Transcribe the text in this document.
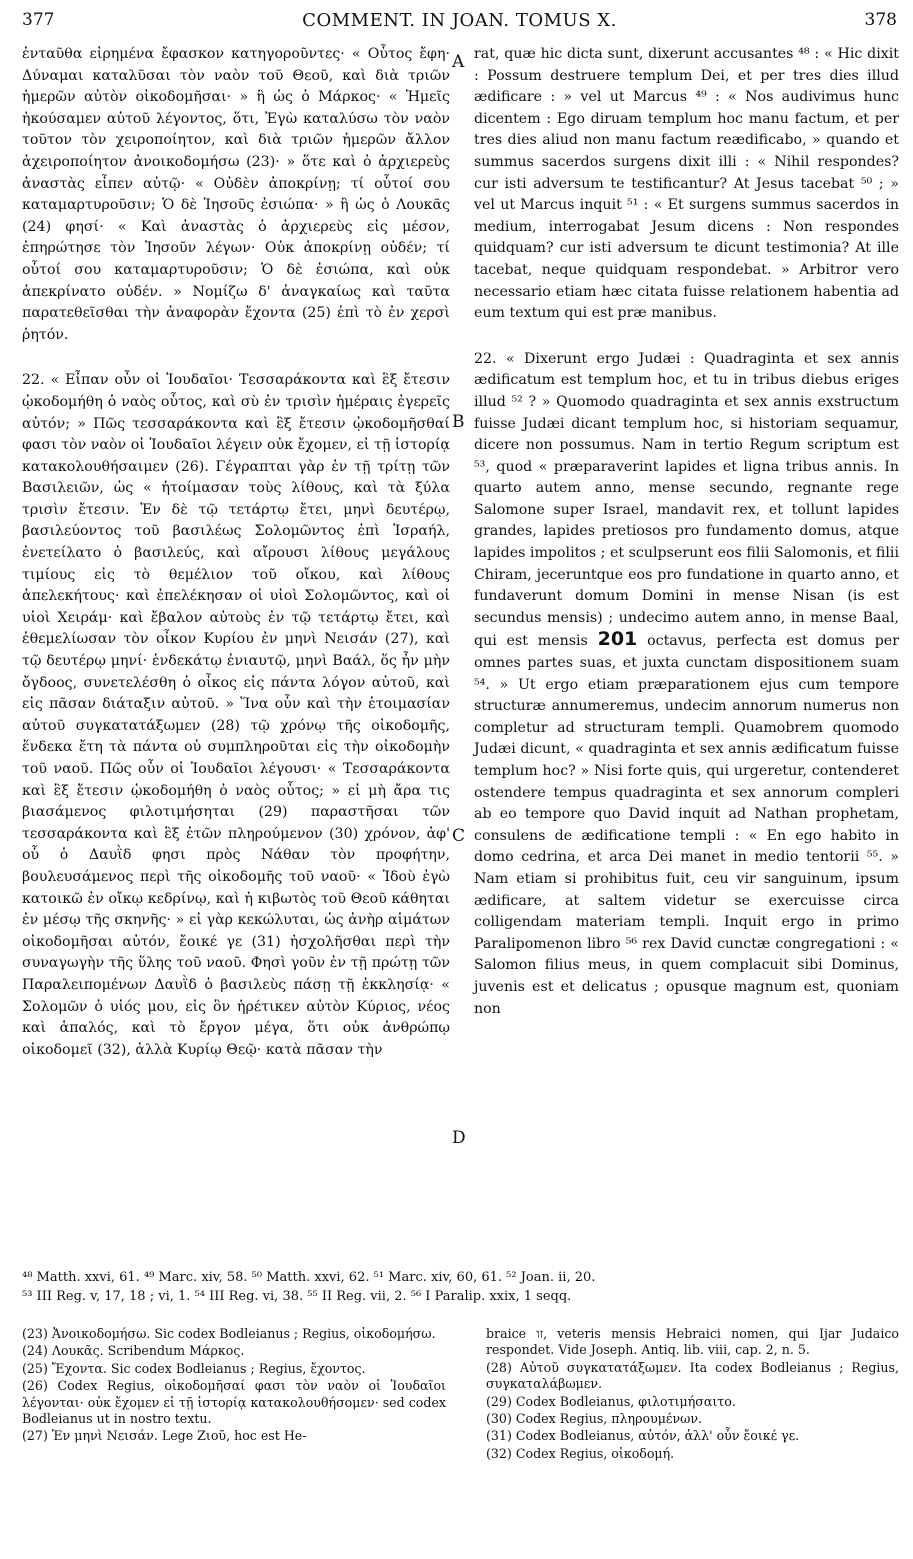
377	COMMENT. IN JOAN. TOMUS X.	378

ἐνταῦθα εἰρημένα ἔφασκον κατηγοροῦντες· « Οὗτος ἔφη· Δύναμαι καταλῦσαι τὸν ναὸν τοῦ Θεοῦ, καὶ διὰ τριῶν ἡμερῶν αὐτὸν οἰκοδομῆσαι· » ἢ ὡς ὁ Μάρκος· « Ἡμεῖς ἠκούσαμεν αὐτοῦ λέγοντος, ὅτι, Ἐγὼ καταλύσω τὸν ναὸν τοῦτον τὸν χειροποίητον, καὶ διὰ τριῶν ἡμερῶν ἄλλον ἀχειροποίητον ἀνοικοδομήσω (23)· » ὅτε καὶ ὁ ἀρχιερεὺς ἀναστὰς εἶπεν αὐτῷ· « Οὐδὲν ἀποκρίνῃ; τί οὗτοί σου καταμαρτυροῦσιν; Ὁ δὲ Ἰησοῦς ἐσιώπα· » ἢ ὡς ὁ Λουκᾶς (24) φησί· « Καὶ ἀναστὰς ὁ ἀρχιερεὺς εἰς μέσον, ἐπηρώτησε τὸν Ἰησοῦν λέγων· Οὐκ ἀποκρίνῃ οὐδέν; τί οὗτοί σου καταμαρτυροῦσιν; Ὁ δὲ ἐσιώπα, καὶ οὐκ ἀπεκρίνατο οὐδέν. » Νομίζω δ' ἀναγκαίως καὶ ταῦτα παρατεθεῖσθαι τὴν ἀναφορὰν ἔχοντα (25) ἐπὶ τὸ ἐν χερσὶ ῥητόν.

22. « Εἶπαν οὖν οἱ Ἰουδαῖοι· Τεσσαράκοντα καὶ ἓξ ἔτεσιν ᾠκοδομήθη ὁ ναὸς οὗτος, καὶ σὺ ἐν τρισὶν ἡμέραις ἐγερεῖς αὐτόν; » Πῶς τεσσαράκοντα καὶ ἓξ ἔτεσιν ᾠκοδομῆσθαί φασι τὸν ναὸν οἱ Ἰουδαῖοι λέγειν οὐκ ἔχομεν, εἰ τῇ ἱστορίᾳ κατακολουθήσαιμεν (26). Γέγραπται γὰρ ἐν τῇ τρίτῃ τῶν Βασιλειῶν, ὡς « ἡτοίμασαν τοὺς λίθους, καὶ τὰ ξύλα τρισὶν ἔτεσιν. Ἐν δὲ τῷ τετάρτῳ ἔτει, μηνὶ δευτέρῳ, βασιλεύοντος τοῦ βασιλέως Σολομῶντος ἐπὶ Ἰσραήλ, ἐνετείλατο ὁ βασιλεύς, καὶ αἴρουσι λίθους μεγάλους τιμίους εἰς τὸ θεμέλιον τοῦ οἴκου, καὶ λίθους ἀπελεκήτους· καὶ ἐπελέκησαν οἱ υἱοὶ Σολομῶντος, καὶ οἱ υἱοὶ Χειράμ· καὶ ἔβαλον αὐτοὺς ἐν τῷ τετάρτῳ ἔτει, καὶ ἐθεμελίωσαν τὸν οἶκον Κυρίου ἐν μηνὶ Νεισάν (27), καὶ τῷ δευτέρῳ μηνί· ἑνδεκάτῳ ἐνιαυτῷ, μηνὶ Βαάλ, ὅς ἦν μὴν ὄγδοος, συνετελέσθη ὁ οἶκος εἰς πάντα λόγον αὐτοῦ, καὶ εἰς πᾶσαν διάταξιν αὐτοῦ. » Ἵνα οὖν καὶ τὴν ἑτοιμασίαν αὐτοῦ συγκατατάξωμεν (28) τῷ χρόνῳ τῆς οἰκοδομῆς, ἕνδεκα ἔτη τὰ πάντα οὐ συμπληροῦται εἰς τὴν οἰκοδομὴν τοῦ ναοῦ. Πῶς οὖν οἱ Ἰουδαῖοι λέγουσι· « Τεσσαράκοντα καὶ ἓξ ἔτεσιν ᾠκοδομήθη ὁ ναὸς οὗτος; » εἰ μὴ ἄρα τις βιασάμενος φιλοτιμήσηται (29) παραστῆσαι τῶν τεσσαράκοντα καὶ ἓξ ἐτῶν πληρούμενον (30) χρόνον, ἀφ' οὗ ὁ Δαυῒδ φησι πρὸς Νάθαν τὸν προφήτην, βουλευσάμενος περὶ τῆς οἰκοδομῆς τοῦ ναοῦ· « Ἰδοὺ ἐγὼ κατοικῶ ἐν οἴκῳ κεδρίνῳ, καὶ ἡ κιβωτὸς τοῦ Θεοῦ κάθηται ἐν μέσῳ τῆς σκηνῆς· » εἰ γὰρ κεκώλυται, ὡς ἀνὴρ αἱμάτων οἰκοδομῆσαι αὐτόν, ἔοικέ γε (31) ἠσχολῆσθαι περὶ τὴν συναγωγὴν τῆς ὕλης τοῦ ναοῦ. Φησὶ γοῦν ἐν τῇ πρώτῃ τῶν Παραλειπομένων Δαυῒδ ὁ βασιλεὺς πάσῃ τῇ ἐκκλησίᾳ· « Σολομῶν ὁ υἱός μου, εἰς ὃν ἡρέτικεν αὐτὸν Κύριος, νέος καὶ ἁπαλός, καὶ τὸ ἔργον μέγα, ὅτι οὐκ ἀνθρώπῳ οἰκοδομεῖ (32), ἀλλὰ Κυρίῳ Θεῷ· κατὰ πᾶσαν τὴν

A
B
C
D

rat, quæ hic dicta sunt, dixerunt accusantes ⁴⁸ : « Hic dixit : Possum destruere templum Dei, et per tres dies illud ædificare : » vel ut Marcus ⁴⁹ : « Nos audivimus hunc dicentem : Ego diruam templum hoc manu factum, et per tres dies aliud non manu factum reædificabo, » quando et summus sacerdos surgens dixit illi : « Nihil respondes? cur isti adversum te testificantur? At Jesus tacebat ⁵⁰ ; » vel ut Marcus inquit ⁵¹ : « Et surgens summus sacerdos in medium, interrogabat Jesum dicens : Non respondes quidquam? cur isti adversum te dicunt testimonia? At ille tacebat, neque quidquam respondebat. » Arbitror vero necessario etiam hæc citata fuisse relationem habentia ad eum textum qui est præ manibus.

22. « Dixerunt ergo Judæi : Quadraginta et sex annis ædificatum est templum hoc, et tu in tribus diebus eriges illud ⁵² ? » Quomodo quadraginta et sex annis exstructum fuisse Judæi dicant templum hoc, si historiam sequamur, dicere non possumus. Nam in tertio Regum scriptum est ⁵³, quod « præparaverint lapides et ligna tribus annis. In quarto autem anno, mense secundo, regnante rege Salomone super Israel, mandavit rex, et tollunt lapides grandes, lapides pretiosos pro fundamento domus, atque lapides impolitos ; et sculpserunt eos filii Salomonis, et filii Chiram, jeceruntque eos pro fundatione in quarto anno, et fundaverunt domum Domini in mense Nisan (is est secundus mensis) ; undecimo autem anno, in mense Baal, qui est mensis 201 octavus, perfecta est domus per omnes partes suas, et juxta cunctam dispositionem suam ⁵⁴. » Ut ergo etiam præparationem ejus cum tempore structuræ annumeremus, undecim annorum numerus non completur ad structuram templi. Quamobrem quomodo Judæi dicunt, « quadraginta et sex annis ædificatum fuisse templum hoc? » Nisi forte quis, qui urgeretur, contenderet ostendere tempus quadraginta et sex annorum compleri ab eo tempore quo David inquit ad Nathan prophetam, consulens de ædificatione templi : « En ego habito in domo cedrina, et arca Dei manet in medio tentorii ⁵⁵. » Nam etiam si prohibitus fuit, ceu vir sanguinum, ipsum ædificare, at saltem videtur se exercuisse circa colligendam materiam templi. Inquit ergo in primo Paralipomenon libro ⁵⁶ rex David cunctæ congregationi : « Salomon filius meus, in quem complacuit sibi Dominus, juvenis est et delicatus ; opusque magnum est, quoniam non

⁴⁸ Matth. xxvi, 61. ⁴⁹ Marc. xiv, 58. ⁵⁰ Matth. xxvi, 62. ⁵¹ Marc. xiv, 60, 61. ⁵² Joan. ii, 20.
⁵³ III Reg. v, 17, 18 ; vi, 1. ⁵⁴ III Reg. vi, 38. ⁵⁵ II Reg. vii, 2. ⁵⁶ I Paralip. xxix, 1 seqq.

(23) Ἀνοικοδομήσω. Sic codex Bodleianus ; Regius, οἰκοδομήσω.

(24) Λουκᾶς. Scribendum Μάρκος.

(25) Ἔχοντα. Sic codex Bodleianus ; Regius, ἔχοντος.

(26) Codex Regius, οἰκοδομῆσαί φασι τὸν ναὸν οἱ Ἰουδαῖοι λέγονται· οὐκ ἔχομεν εἰ τῇ ἱστορίᾳ κατακολουθήσομεν· sed codex Bodleianus ut in nostro textu.

(27) Ἐν μηνὶ Νεισάν. Lege Ζιοῦ, hoc est He-

braice זו, veteris mensis Hebraici nomen, qui Ijar Judaico respondet. Vide Joseph. Antiq. lib. viii, cap. 2, n. 5.

(28) Αὐτοῦ συγκατατάξωμεν. Ita codex Bodleianus ; Regius, συγκαταλάβωμεν.

(29) Codex Bodleianus, φιλοτιμήσαιτο.

(30) Codex Regius, πληρουμένων.

(31) Codex Bodleianus, αὐτόν, ἀλλ' οὖν ἔοικέ γε.

(32) Codex Regius, οἰκοδομή.
